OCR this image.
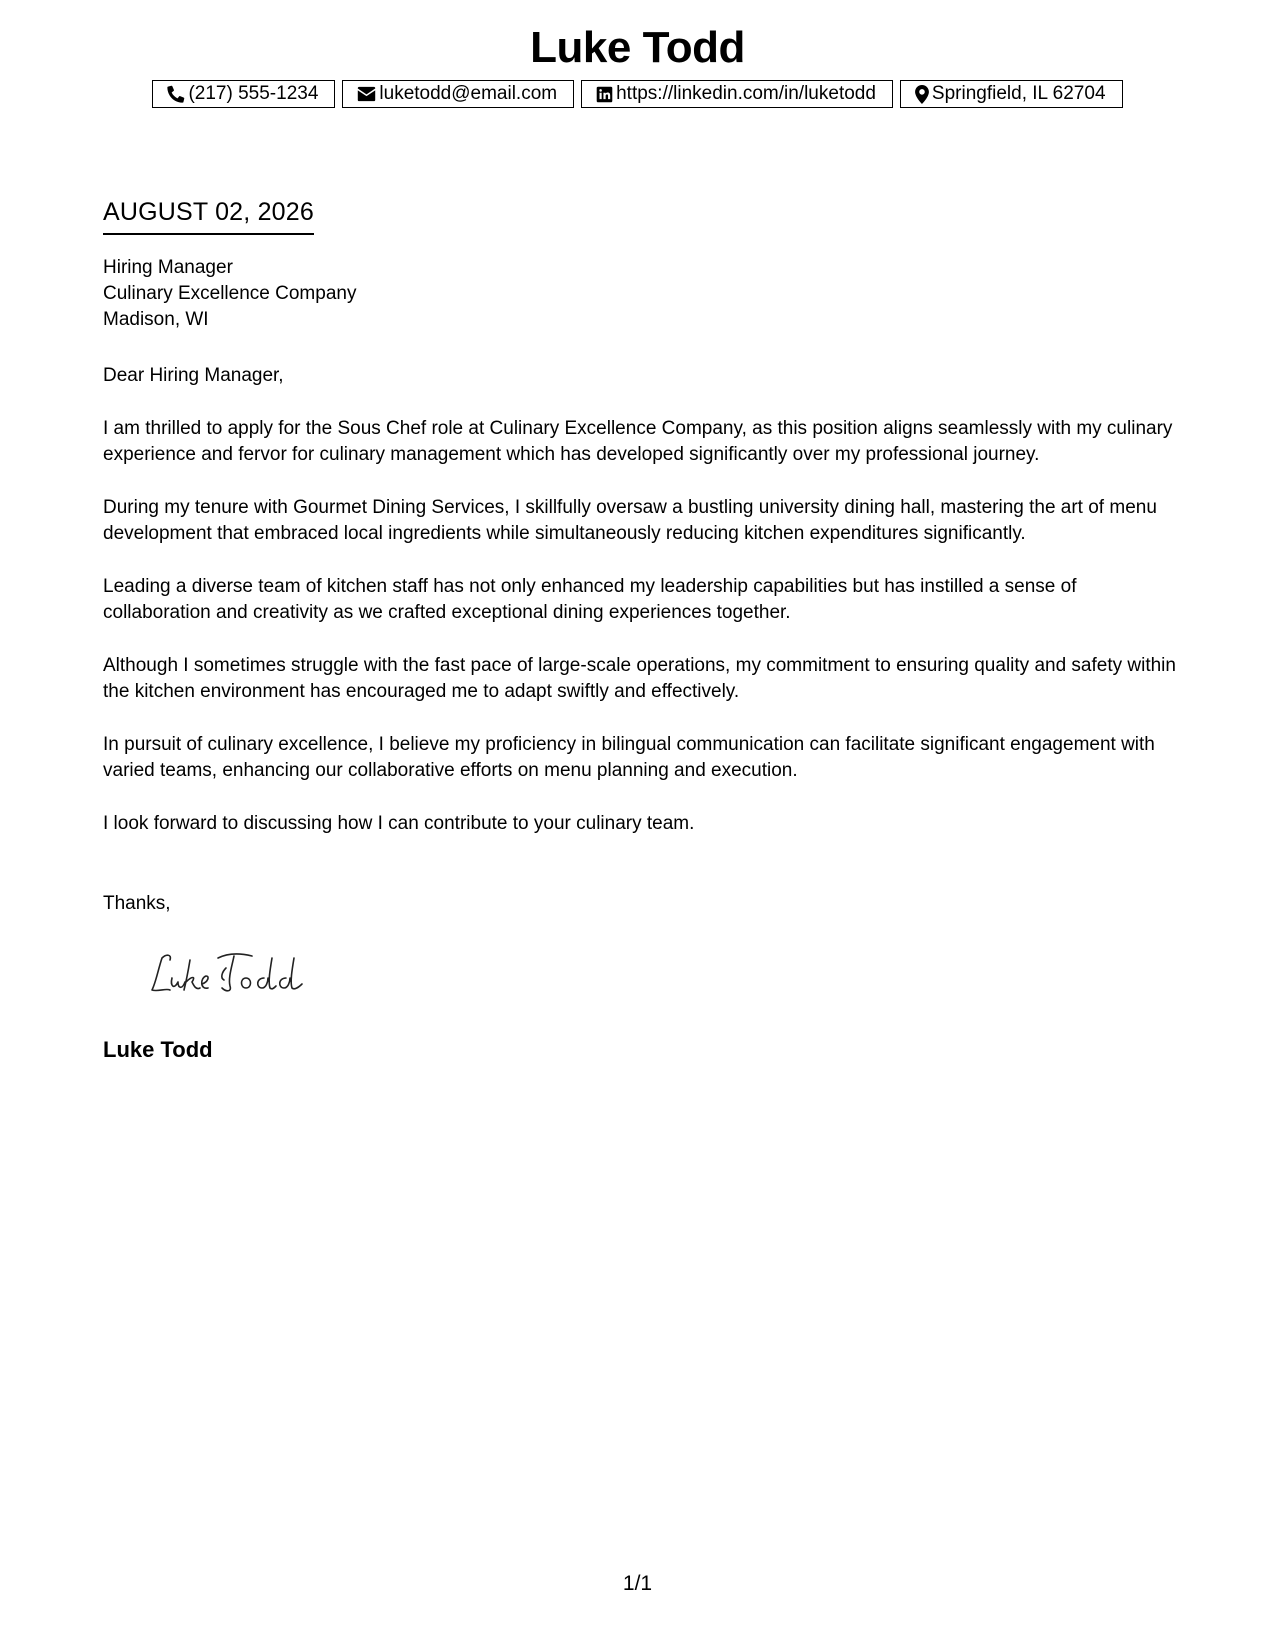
Luke Todd
(217) 555-1234	luketodd@email.com	https://linkedin.com/in/luketodd	Springfield, IL 62704
AUGUST 02, 2026
Hiring Manager
Culinary Excellence Company
Madison, WI

Dear Hiring Manager,

I am thrilled to apply for the Sous Chef role at Culinary Excellence Company, as this position aligns seamlessly with my culinary experience and fervor for culinary management which has developed significantly over my professional journey.

During my tenure with Gourmet Dining Services, I skillfully oversaw a bustling university dining hall, mastering the art of menu development that embraced local ingredients while simultaneously reducing kitchen expenditures significantly.

Leading a diverse team of kitchen staff has not only enhanced my leadership capabilities but has instilled a sense of collaboration and creativity as we crafted exceptional dining experiences together.

Although I sometimes struggle with the fast pace of large-scale operations, my commitment to ensuring quality and safety within the kitchen environment has encouraged me to adapt swiftly and effectively.

In pursuit of culinary excellence, I believe my proficiency in bilingual communication can facilitate significant engagement with varied teams, enhancing our collaborative efforts on menu planning and execution.

I look forward to discussing how I can contribute to your culinary team.

Thanks,
Luke Todd
1/1
